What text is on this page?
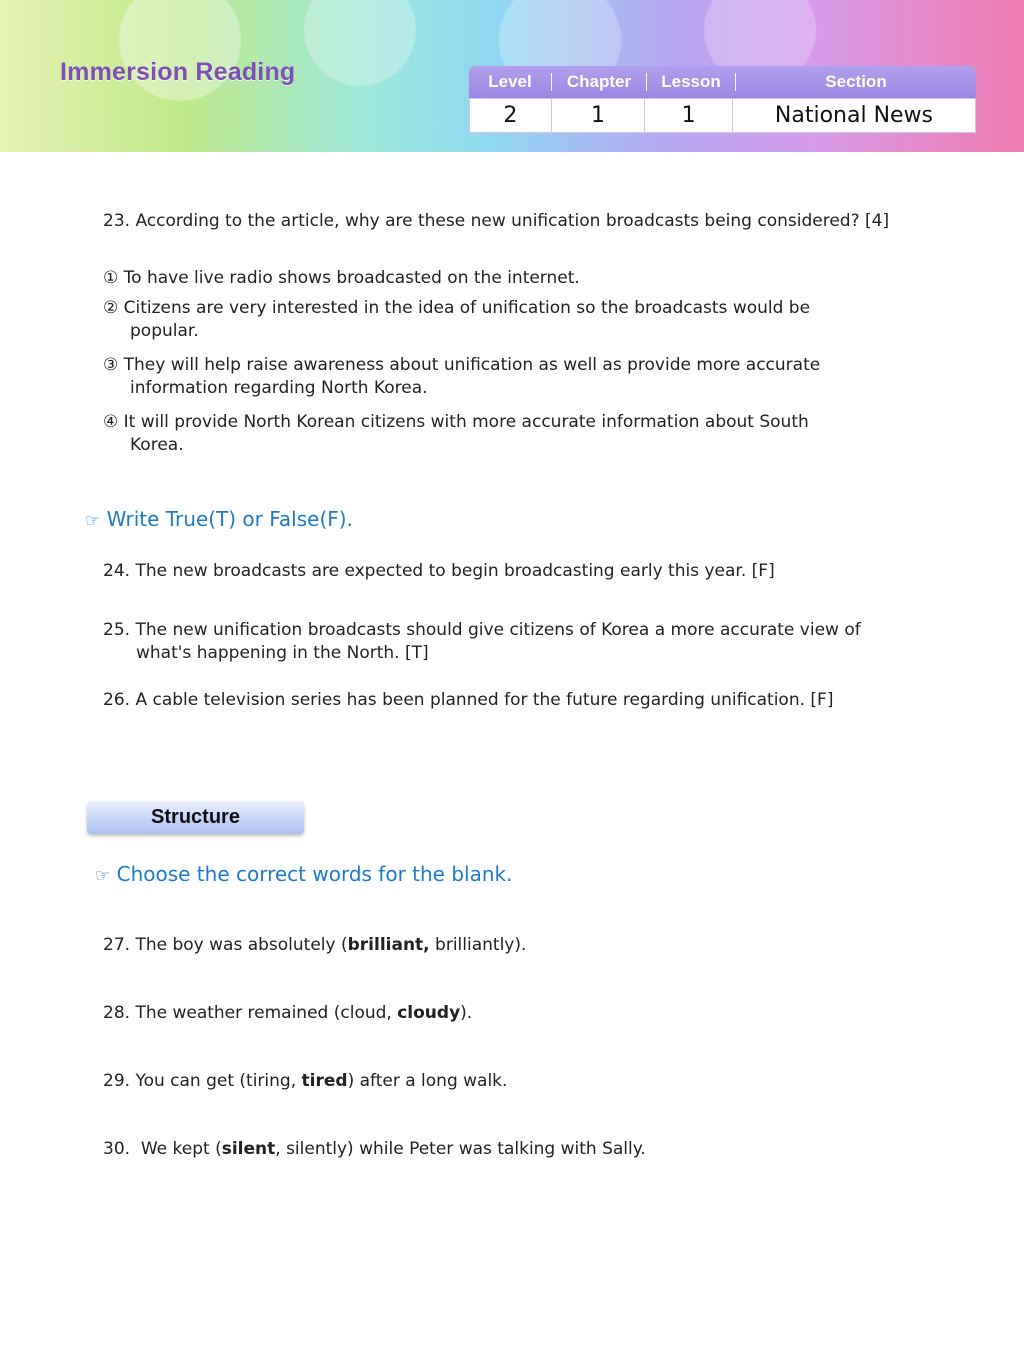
Immersion Reading	Level	Chapter	Lesson	Section
2	1	1	National News
23. According to the article, why are these new unification broadcasts being considered? [4]
① To have live radio shows broadcasted on the internet.
② Citizens are very interested in the idea of unification so the broadcasts would be
popular.
③ They will help raise awareness about unification as well as provide more accurate
information regarding North Korea.
④ It will provide North Korean citizens with more accurate information about South
Korea.
☞ Write True(T) or False(F).
24. The new broadcasts are expected to begin broadcasting early this year. [F]
25. The new unification broadcasts should give citizens of Korea a more accurate view of
what's happening in the North. [T]
26. A cable television series has been planned for the future regarding unification. [F]
Structure
☞ Choose the correct words for the blank.
27. The boy was absolutely (brilliant, brilliantly).
28. The weather remained (cloud, cloudy).
29. You can get (tiring, tired) after a long walk.
30.  We kept (silent, silently) while Peter was talking with Sally.
